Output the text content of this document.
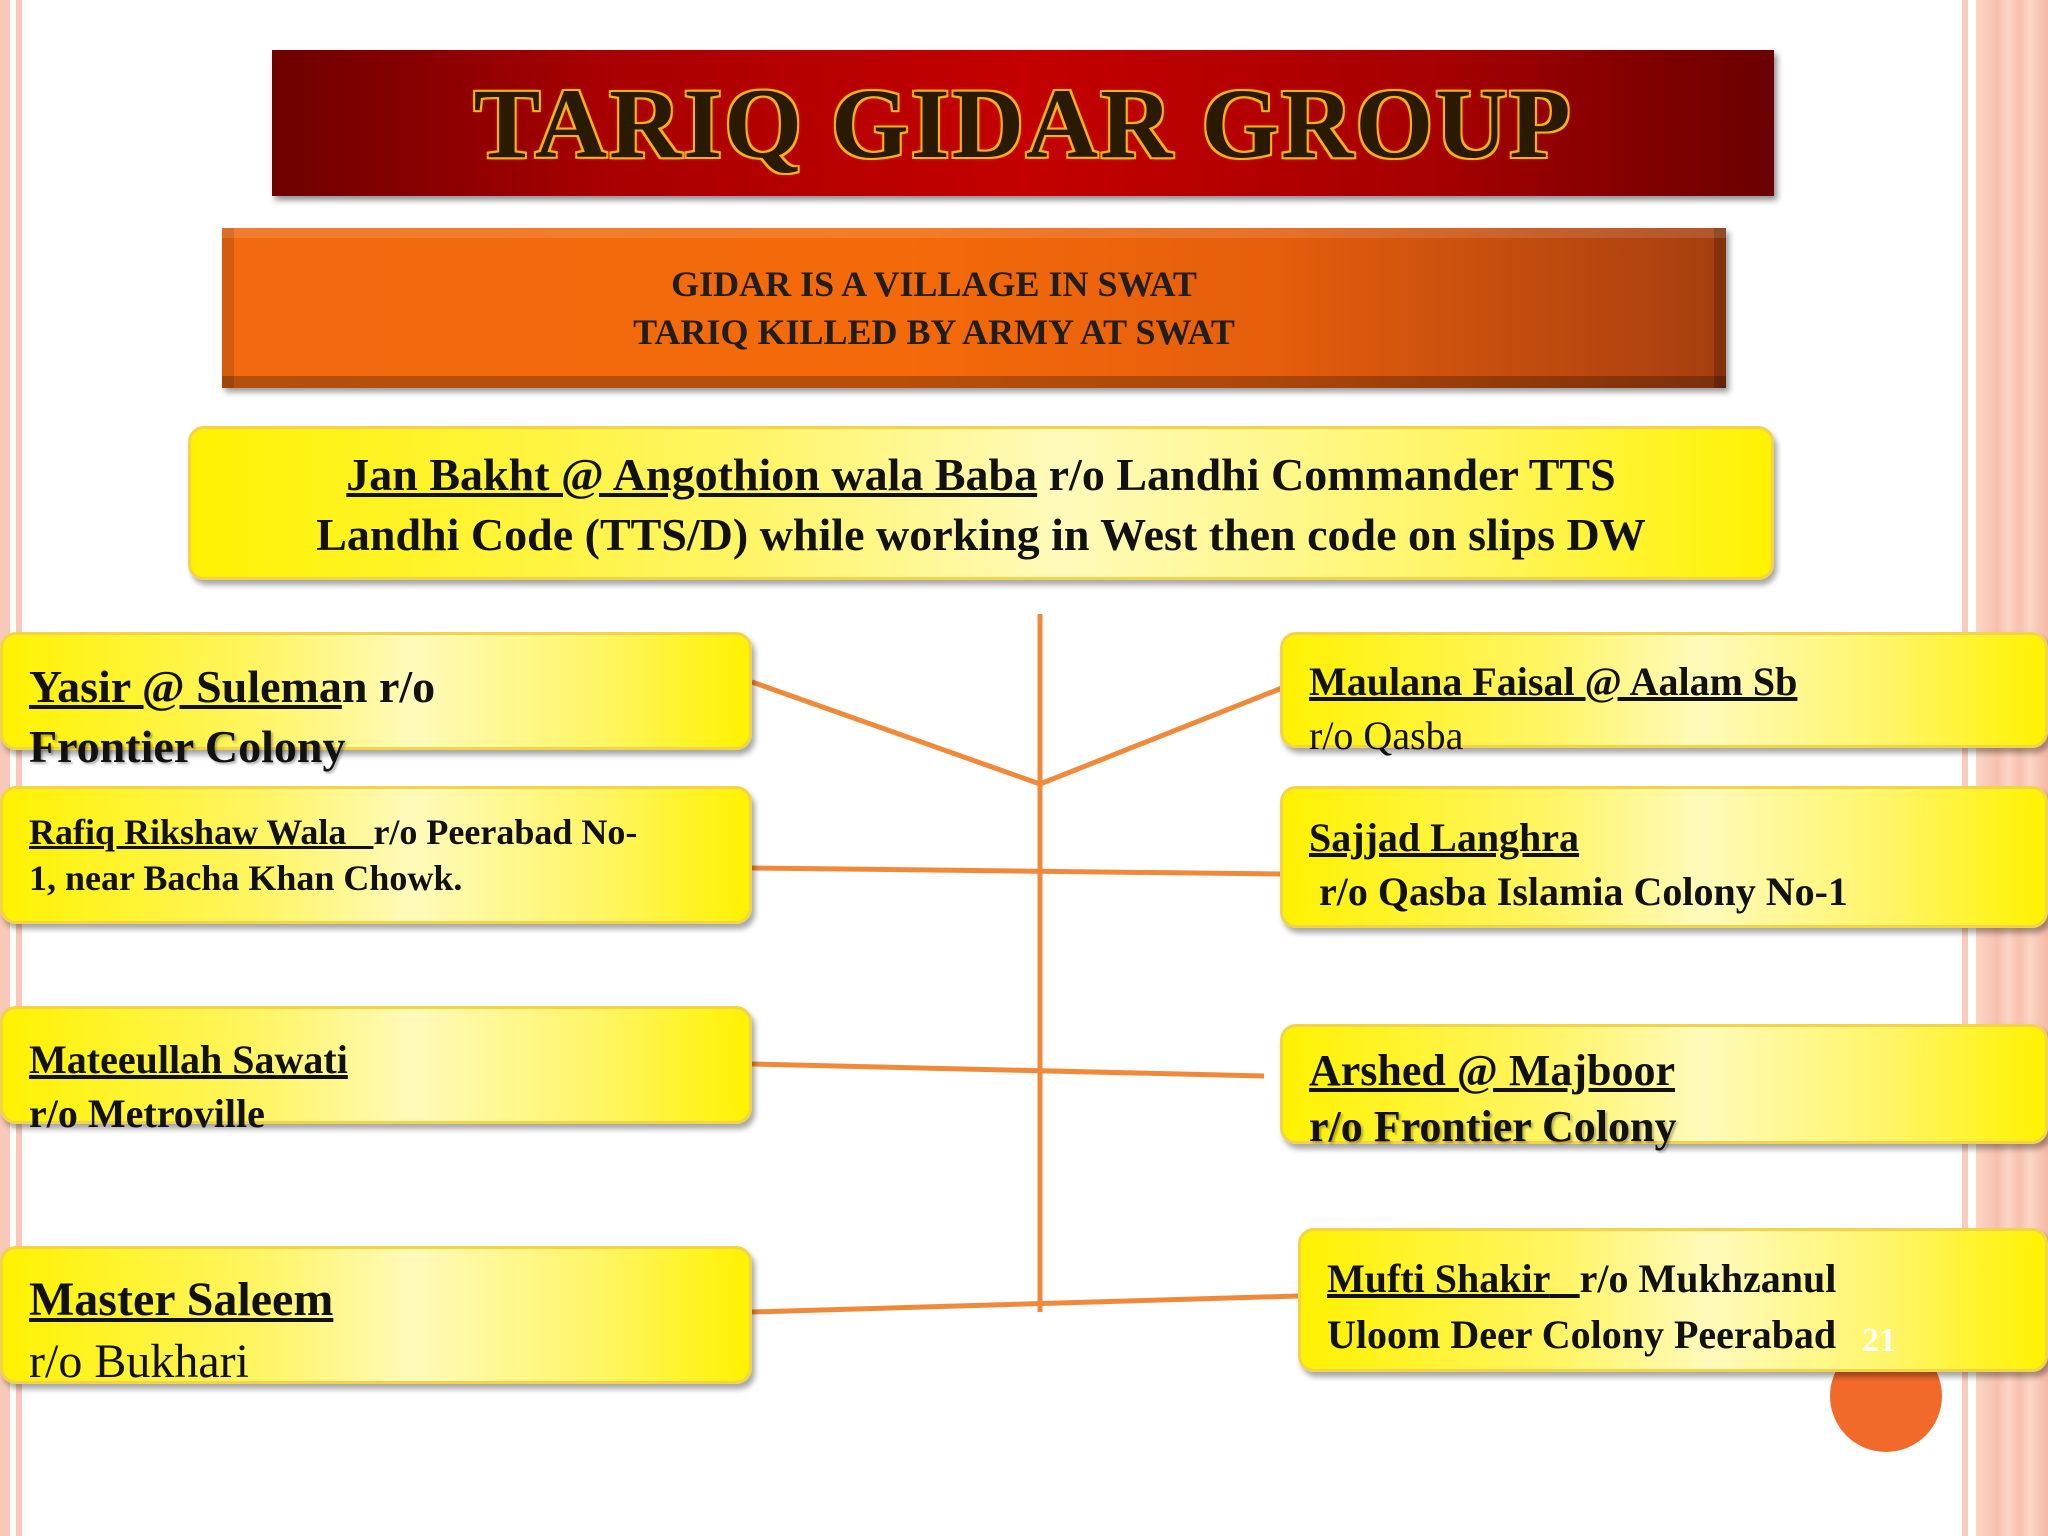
TARIQ GIDAR GROUP
GIDAR IS A VILLAGE IN SWAT
TARIQ KILLED BY ARMY AT SWAT
Jan Bakht @ Angothion wala Baba r/o Landhi Commander TTS
Landhi Code (TTS/D) while working in West then code on slips DW
Yasir @ Suleman r/o
Frontier Colony
Rafiq Rikshaw Wala r/o Peerabad No-
1, near Bacha Khan Chowk.
Mateeullah Sawati
r/o Metroville
Master Saleem
r/o Bukhari
Maulana Faisal @ Aalam Sb
r/o Qasba
Sajjad Langhra
r/o Qasba Islamia Colony No-1
Arshed @ Majboor
r/o Frontier Colony
Mufti Shakir r/o Mukhzanul
Uloom Deer Colony Peerabad 21
